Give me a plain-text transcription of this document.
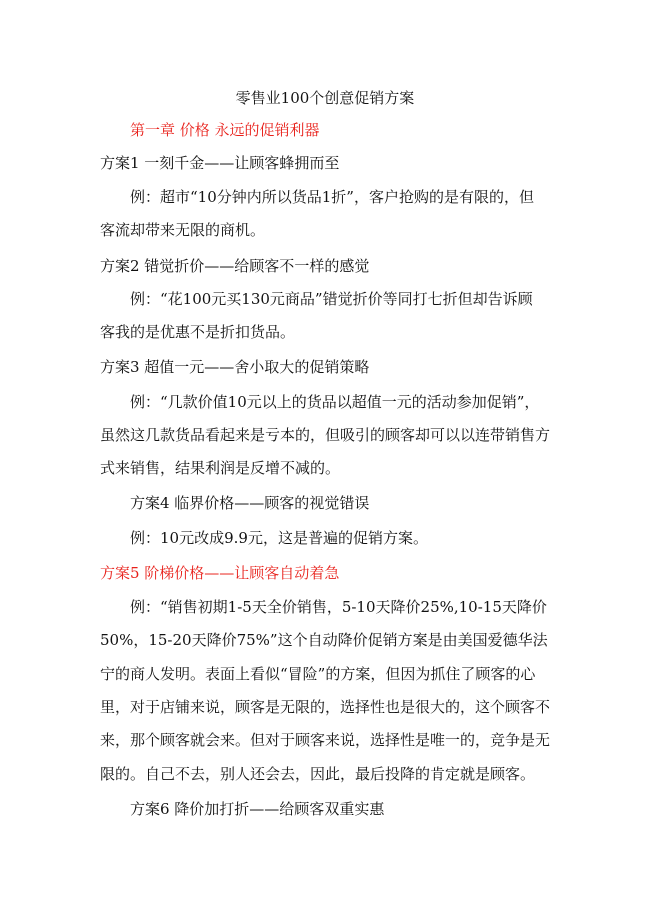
零售业100个创意促销方案
第一章 价格 永远的促销利器
方案1 一刻千金——让顾客蜂拥而至
例：超市“10分钟内所以货品1折”，客户抢购的是有限的，但
客流却带来无限的商机。
方案2 错觉折价——给顾客不一样的感觉
例：“花100元买130元商品”错觉折价等同打七折但却告诉顾
客我的是优惠不是折扣货品。
方案3 超值一元——舍小取大的促销策略
例：“几款价值10元以上的货品以超值一元的活动参加促销”，
虽然这几款货品看起来是亏本的，但吸引的顾客却可以以连带销售方
式来销售，结果利润是反增不减的。
方案4 临界价格——顾客的视觉错误
例：10元改成9.9元，这是普遍的促销方案。
方案5 阶梯价格——让顾客自动着急
例：“销售初期1-5天全价销售，5-10天降价25%,10-15天降价
50%，15-20天降价75%”这个自动降价促销方案是由美国爱德华法
宁的商人发明。表面上看似“冒险”的方案，但因为抓住了顾客的心
里，对于店铺来说，顾客是无限的，选择性也是很大的，这个顾客不
来，那个顾客就会来。但对于顾客来说，选择性是唯一的，竞争是无
限的。自己不去，别人还会去，因此，最后投降的肯定就是顾客。
方案6 降价加打折——给顾客双重实惠
